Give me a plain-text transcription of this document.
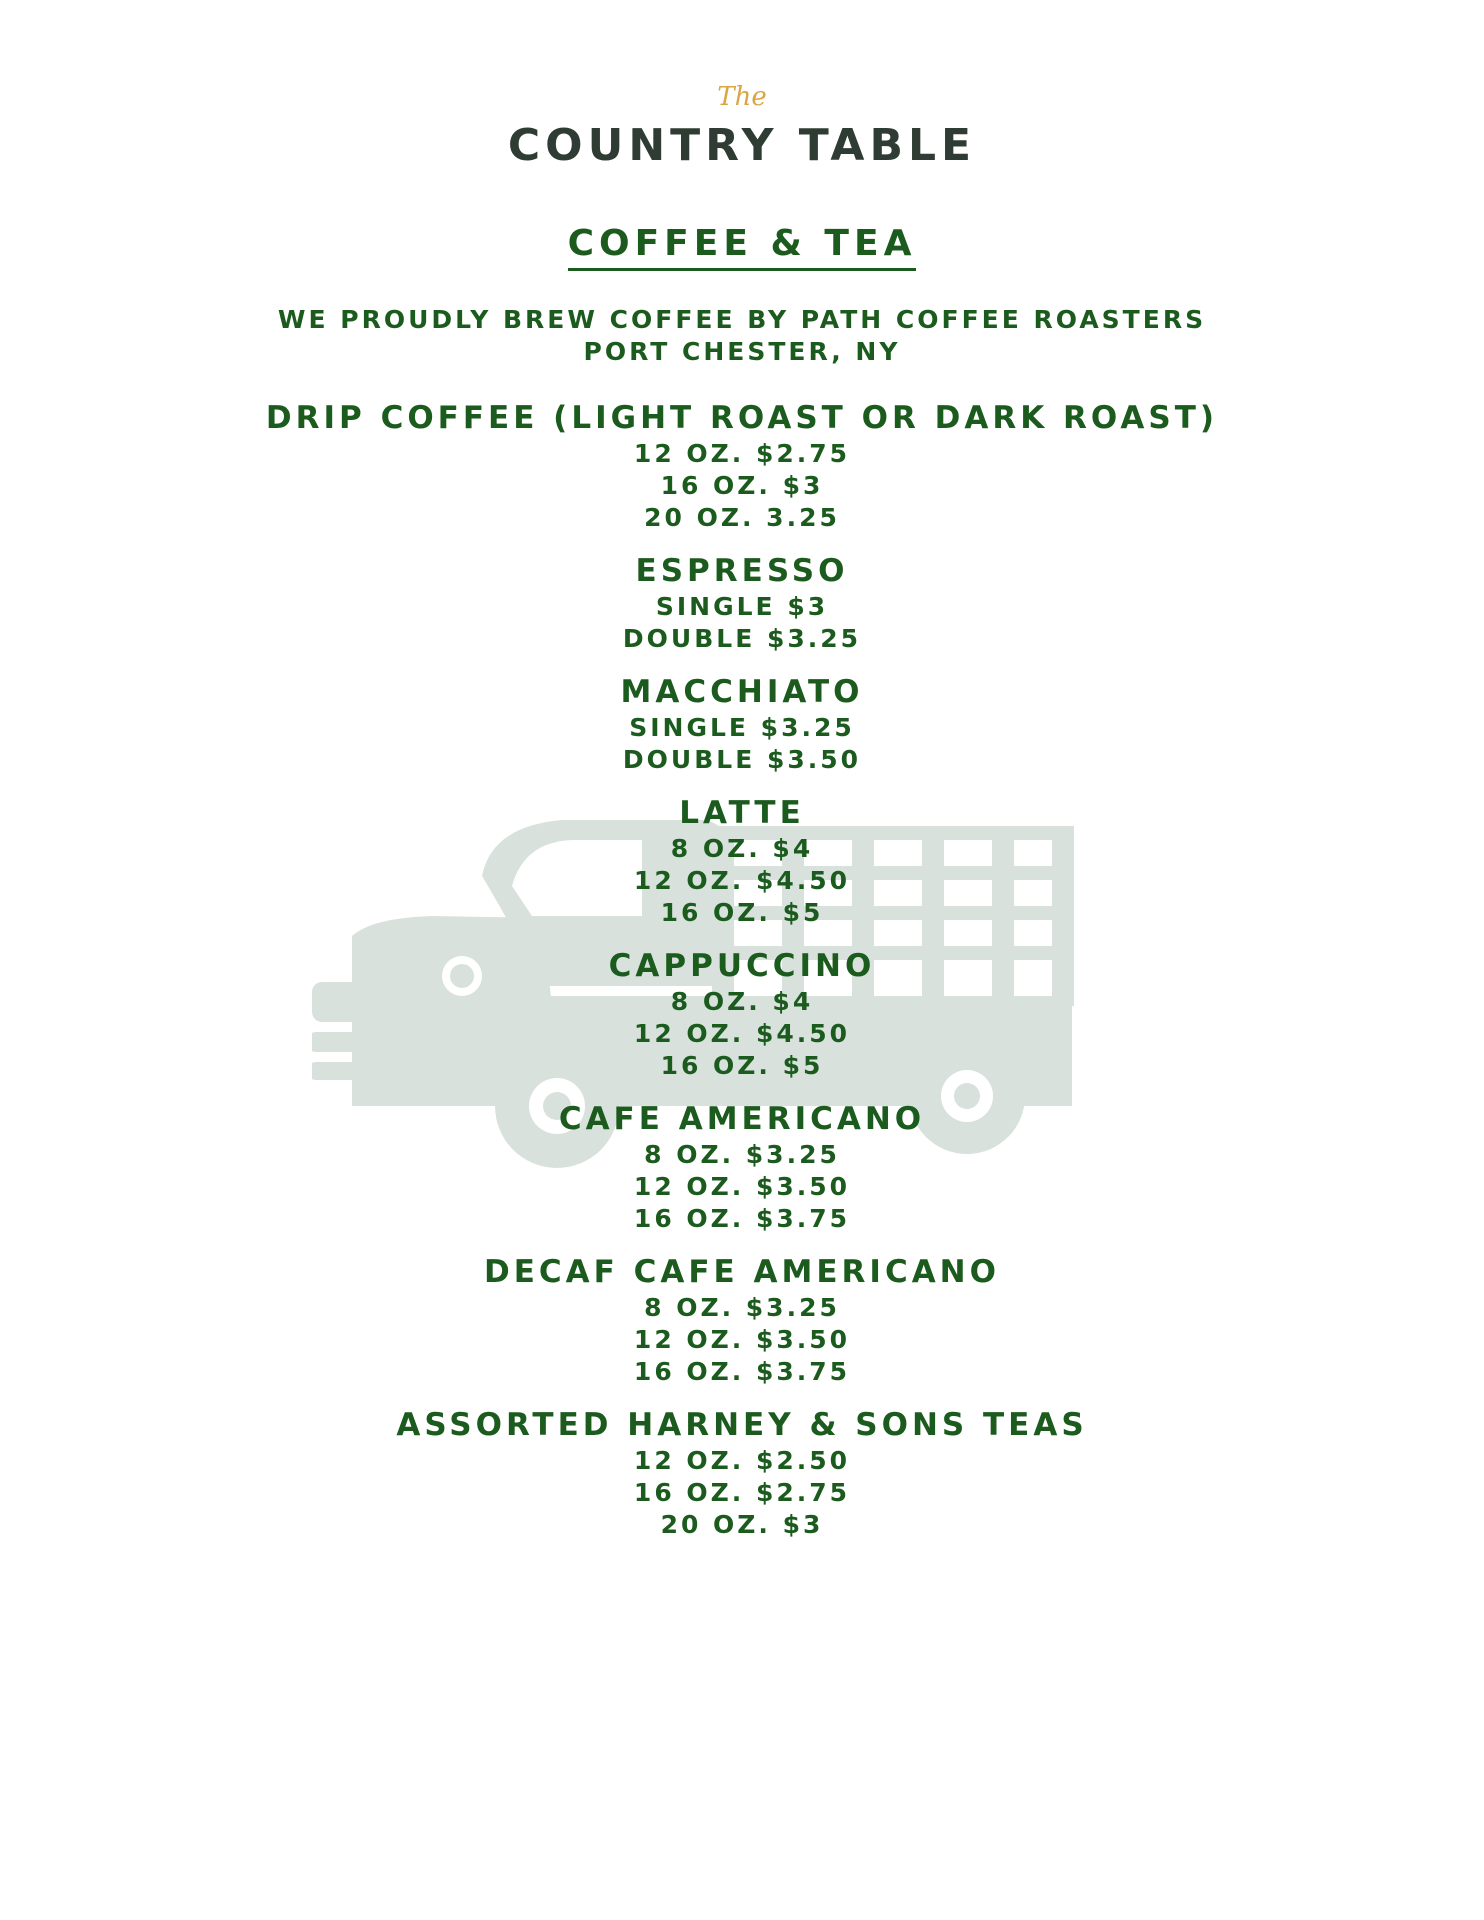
The
COUNTRY TABLE
COFFEE & TEA
WE PROUDLY BREW COFFEE BY PATH COFFEE ROASTERS
PORT CHESTER, NY
DRIP COFFEE (LIGHT ROAST OR DARK ROAST)
12 OZ. $2.75
16 OZ. $3
20 OZ. 3.25
ESPRESSO
SINGLE $3
DOUBLE $3.25
MACCHIATO
SINGLE $3.25
DOUBLE $3.50
LATTE
8 OZ. $4
12 OZ. $4.50
16 OZ. $5
CAPPUCCINO
8 OZ. $4
12 OZ. $4.50
16 OZ. $5
CAFE AMERICANO
8 OZ. $3.25
12 OZ. $3.50
16 OZ. $3.75
DECAF CAFE AMERICANO
8 OZ. $3.25
12 OZ. $3.50
16 OZ. $3.75
ASSORTED HARNEY & SONS TEAS
12 OZ. $2.50
16 OZ. $2.75
20 OZ. $3
